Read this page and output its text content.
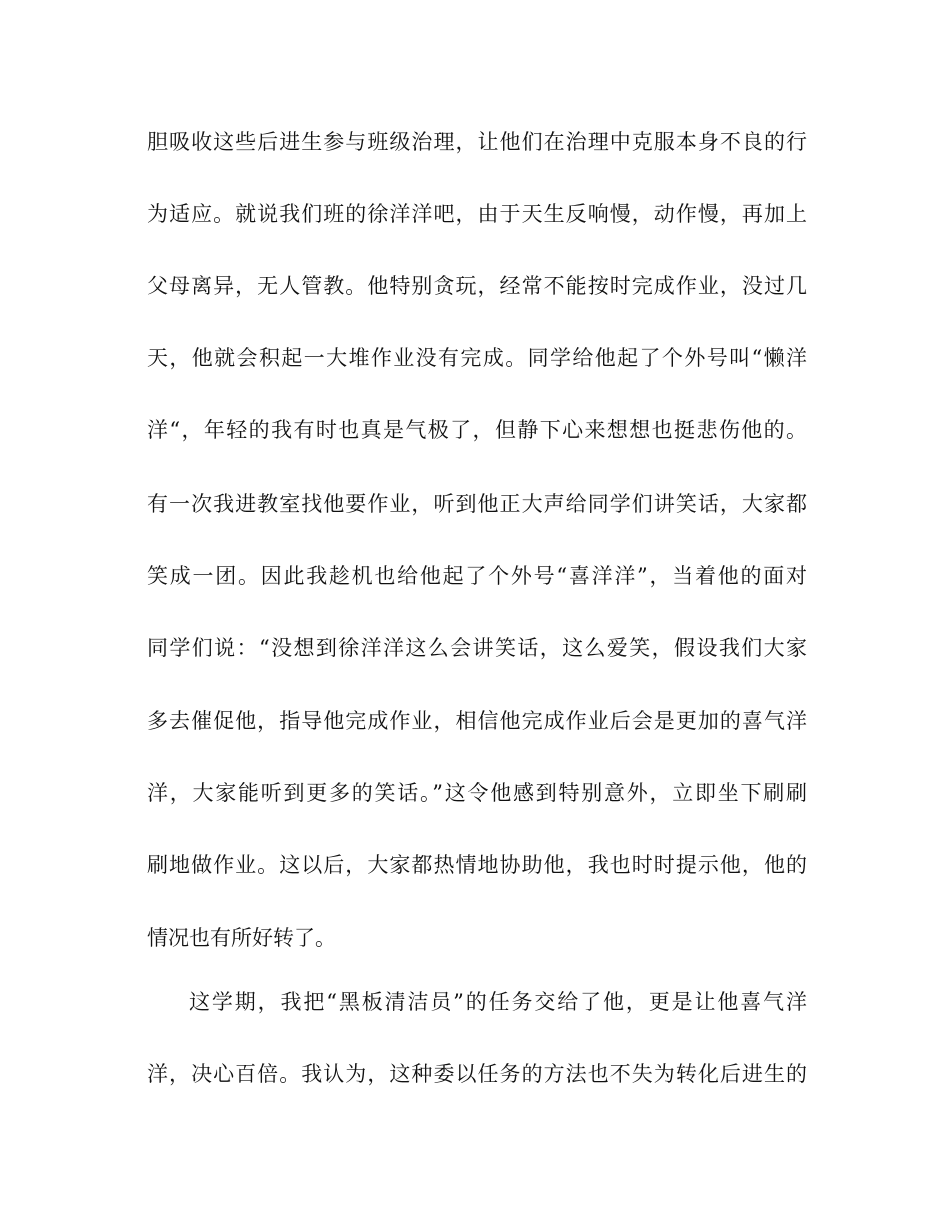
胆吸收这些后进生参与班级治理，让他们在治理中克服本身不良的行
为适应。就说我们班的徐洋洋吧，由于天生反响慢，动作慢，再加上
父母离异，无人管教。他特别贪玩，经常不能按时完成作业，没过几
天，他就会积起一大堆作业没有完成。同学给他起了个外号叫“懒洋
洋“，年轻的我有时也真是气极了，但静下心来想想也挺悲伤他的。
有一次我进教室找他要作业，听到他正大声给同学们讲笑话，大家都
笑成一团。因此我趁机也给他起了个外号“喜洋洋”，当着他的面对
同学们说：“没想到徐洋洋这么会讲笑话，这么爱笑，假设我们大家
多去催促他，指导他完成作业，相信他完成作业后会是更加的喜气洋
洋，大家能听到更多的笑话。”这令他感到特别意外，立即坐下刷刷
刷地做作业。这以后，大家都热情地协助他，我也时时提示他，他的
情况也有所好转了。
这学期，我把“黑板清洁员”的任务交给了他，更是让他喜气洋
洋，决心百倍。我认为，这种委以任务的方法也不失为转化后进生的
